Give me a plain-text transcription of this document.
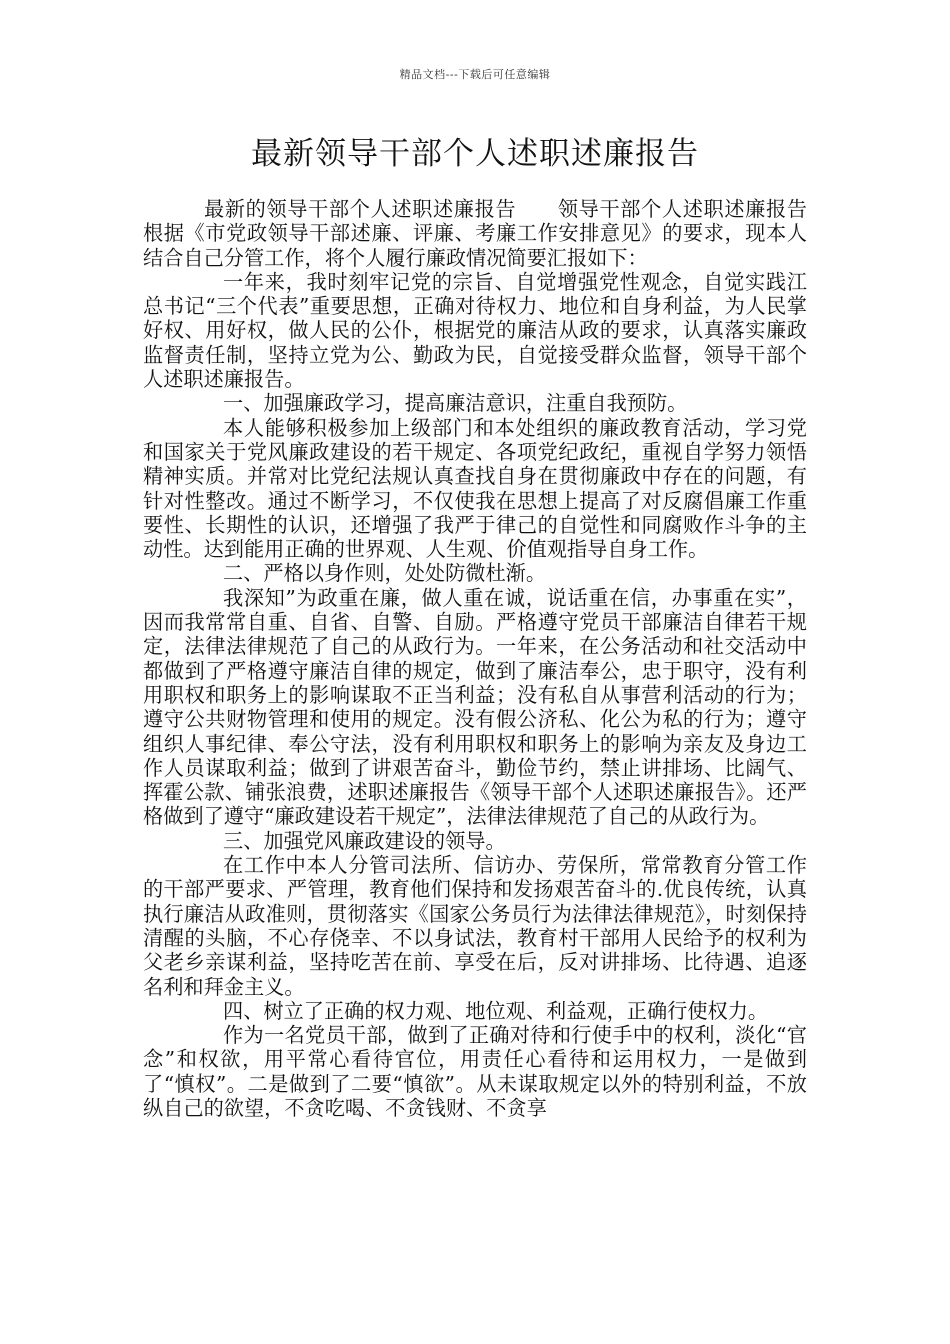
精品文档---下载后可任意编辑
最新领导干部个人述职述廉报告

最新的领导干部个人述职述廉报告　　领导干部个人述职述廉报告　　根据《市党政领导干部述廉、评廉、考廉工作安排意见》的要求，现本人结合自己分管工作，将个人履行廉政情况简要汇报如下：

一年来，我时刻牢记党的宗旨、自觉增强党性观念，自觉实践江总书记“三个代表”重要思想，正确对待权力、地位和自身利益，为人民掌好权、用好权，做人民的公仆，根据党的廉洁从政的要求，认真落实廉政监督责任制，坚持立党为公、勤政为民，自觉接受群众监督，领导干部个人述职述廉报告。

一、加强廉政学习，提高廉洁意识，注重自我预防。

本人能够积极参加上级部门和本处组织的廉政教育活动，学习党和国家关于党风廉政建设的若干规定、各项党纪政纪，重视自学努力领悟精神实质。并常对比党纪法规认真查找自身在贯彻廉政中存在的问题，有针对性整改。通过不断学习，不仅使我在思想上提高了对反腐倡廉工作重要性、长期性的认识，还增强了我严于律己的自觉性和同腐败作斗争的主动性。达到能用正确的世界观、人生观、价值观指导自身工作。

二、严格以身作则，处处防微杜渐。

我深知”为政重在廉，做人重在诚，说话重在信，办事重在实”，因而我常常自重、自省、自警、自励。严格遵守党员干部廉洁自律若干规定，法律法律规范了自己的从政行为。一年来，在公务活动和社交活动中都做到了严格遵守廉洁自律的规定，做到了廉洁奉公，忠于职守，没有利用职权和职务上的影响谋取不正当利益；没有私自从事营利活动的行为；遵守公共财物管理和使用的规定。没有假公济私、化公为私的行为；遵守组织人事纪律、奉公守法，没有利用职权和职务上的影响为亲友及身边工作人员谋取利益；做到了讲艰苦奋斗，勤俭节约，禁止讲排场、比阔气、挥霍公款、铺张浪费，述职述廉报告《领导干部个人述职述廉报告》。还严格做到了遵守“廉政建设若干规定”，法律法律规范了自己的从政行为。

三、加强党风廉政建设的领导。

在工作中本人分管司法所、信访办、劳保所，常常教育分管工作的干部严要求、严管理，教育他们保持和发扬艰苦奋斗的.优良传统，认真执行廉洁从政准则，贯彻落实《国家公务员行为法律法律规范》，时刻保持清醒的头脑，不心存侥幸、不以身试法，教育村干部用人民给予的权利为父老乡亲谋利益，坚持吃苦在前、享受在后，反对讲排场、比待遇、追逐名利和拜金主义。

四、树立了正确的权力观、地位观、利益观，正确行使权力。

作为一名党员干部，做到了正确对待和行使手中的权利，淡化“官念”和权欲，用平常心看待官位，用责任心看待和运用权力，一是做到了“慎权”。二是做到了二要“慎欲”。从未谋取规定以外的特别利益，不放纵自己的欲望，不贪吃喝、不贪钱财、不贪享
